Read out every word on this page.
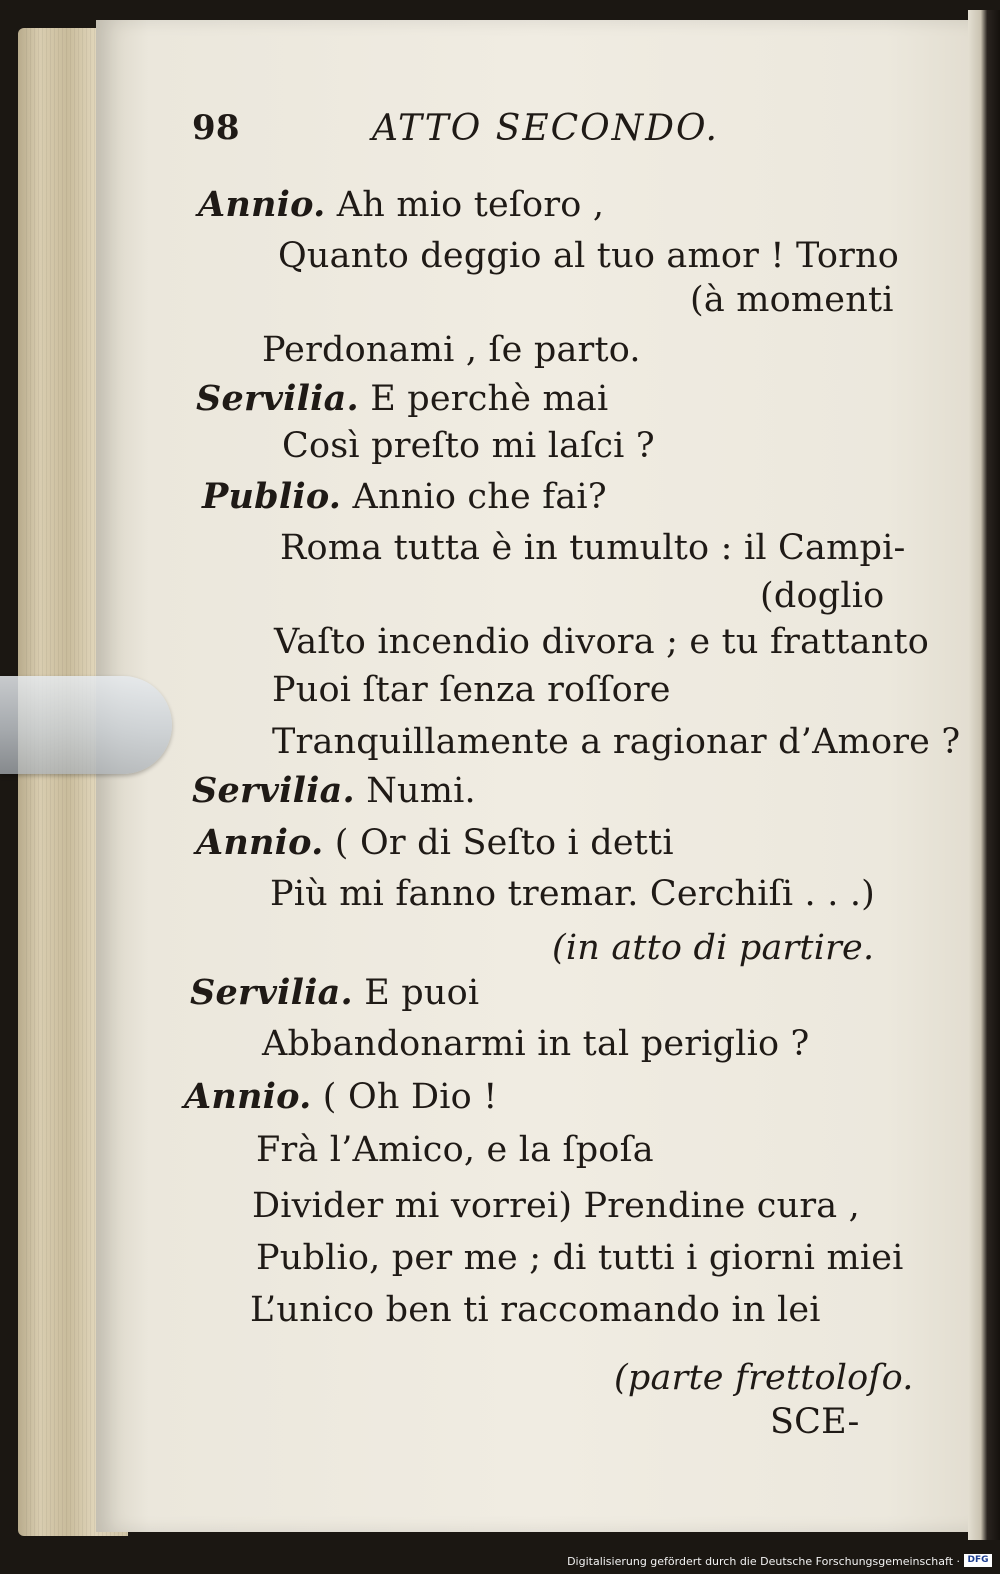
98	ATTO SECONDO.
Annio. Ah mio teſoro ,
Quanto deggio al tuo amor ! Torno
(à momenti
Perdonami , ſe parto.
Servilia. E perchè mai
Così preſto mi laſci ?
Publio. Annio che fai?
Roma tutta è in tumulto : il Campi-
(doglio
Vaſto incendio divora ; e tu frattanto
Puoi ſtar ſenza roſſore
Tranquillamente a ragionar d’Amore ?
Servilia. Numi.
Annio. ( Or di Seſto i detti
Più mi fanno tremar. Cerchiſi . . .)
(in atto di partire.
Servilia. E puoi
Abbandonarmi in tal periglio ?
Annio. ( Oh Dio !
Frà l’Amico, e la ſpoſa
Divider mi vorrei) Prendine cura ,
Publio, per me ; di tutti i giorni miei
L’unico ben ti raccomando in lei
(parte frettoloſo.
SCE-
Digitalisierung gefördert durch die Deutsche Forschungsgemeinschaft · DFG
